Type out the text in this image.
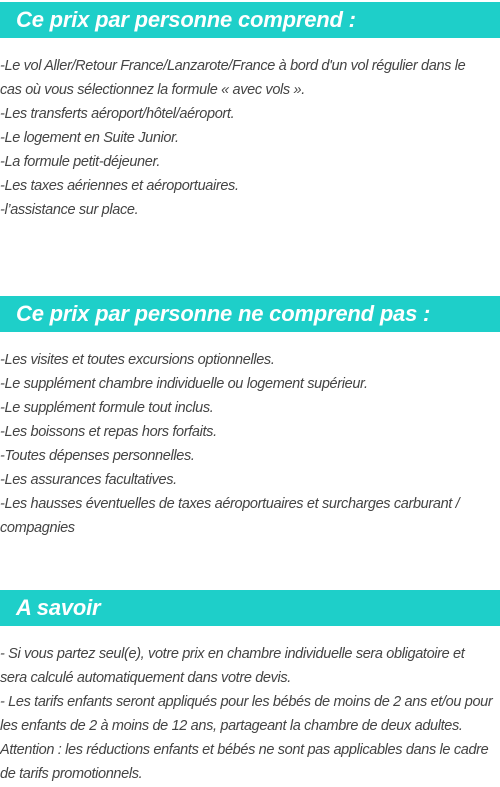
Ce prix par personne comprend :
-Le vol Aller/Retour France/Lanzarote/France à bord d'un vol régulier dans le
cas où vous sélectionnez la formule « avec vols ».
-Les transferts aéroport/hôtel/aéroport.
-Le logement en Suite Junior.
-La formule petit-déjeuner.
-Les taxes aériennes et aéroportuaires.
-l’assistance sur place.
Ce prix par personne ne comprend pas :
-Les visites et toutes excursions optionnelles.
-Le supplément chambre individuelle ou logement supérieur.
-Le supplément formule tout inclus.
-Les boissons et repas hors forfaits.
-Toutes dépenses personnelles.
-Les assurances facultatives.
-Les hausses éventuelles de taxes aéroportuaires et surcharges carburant /
compagnies
A savoir
- Si vous partez seul(e), votre prix en chambre individuelle sera obligatoire et
sera calculé automatiquement dans votre devis.
- Les tarifs enfants seront appliqués pour les bébés de moins de 2 ans et/ou pour
les enfants de 2 à moins de 12 ans, partageant la chambre de deux adultes.
Attention : les réductions enfants et bébés ne sont pas applicables dans le cadre
de tarifs promotionnels.
